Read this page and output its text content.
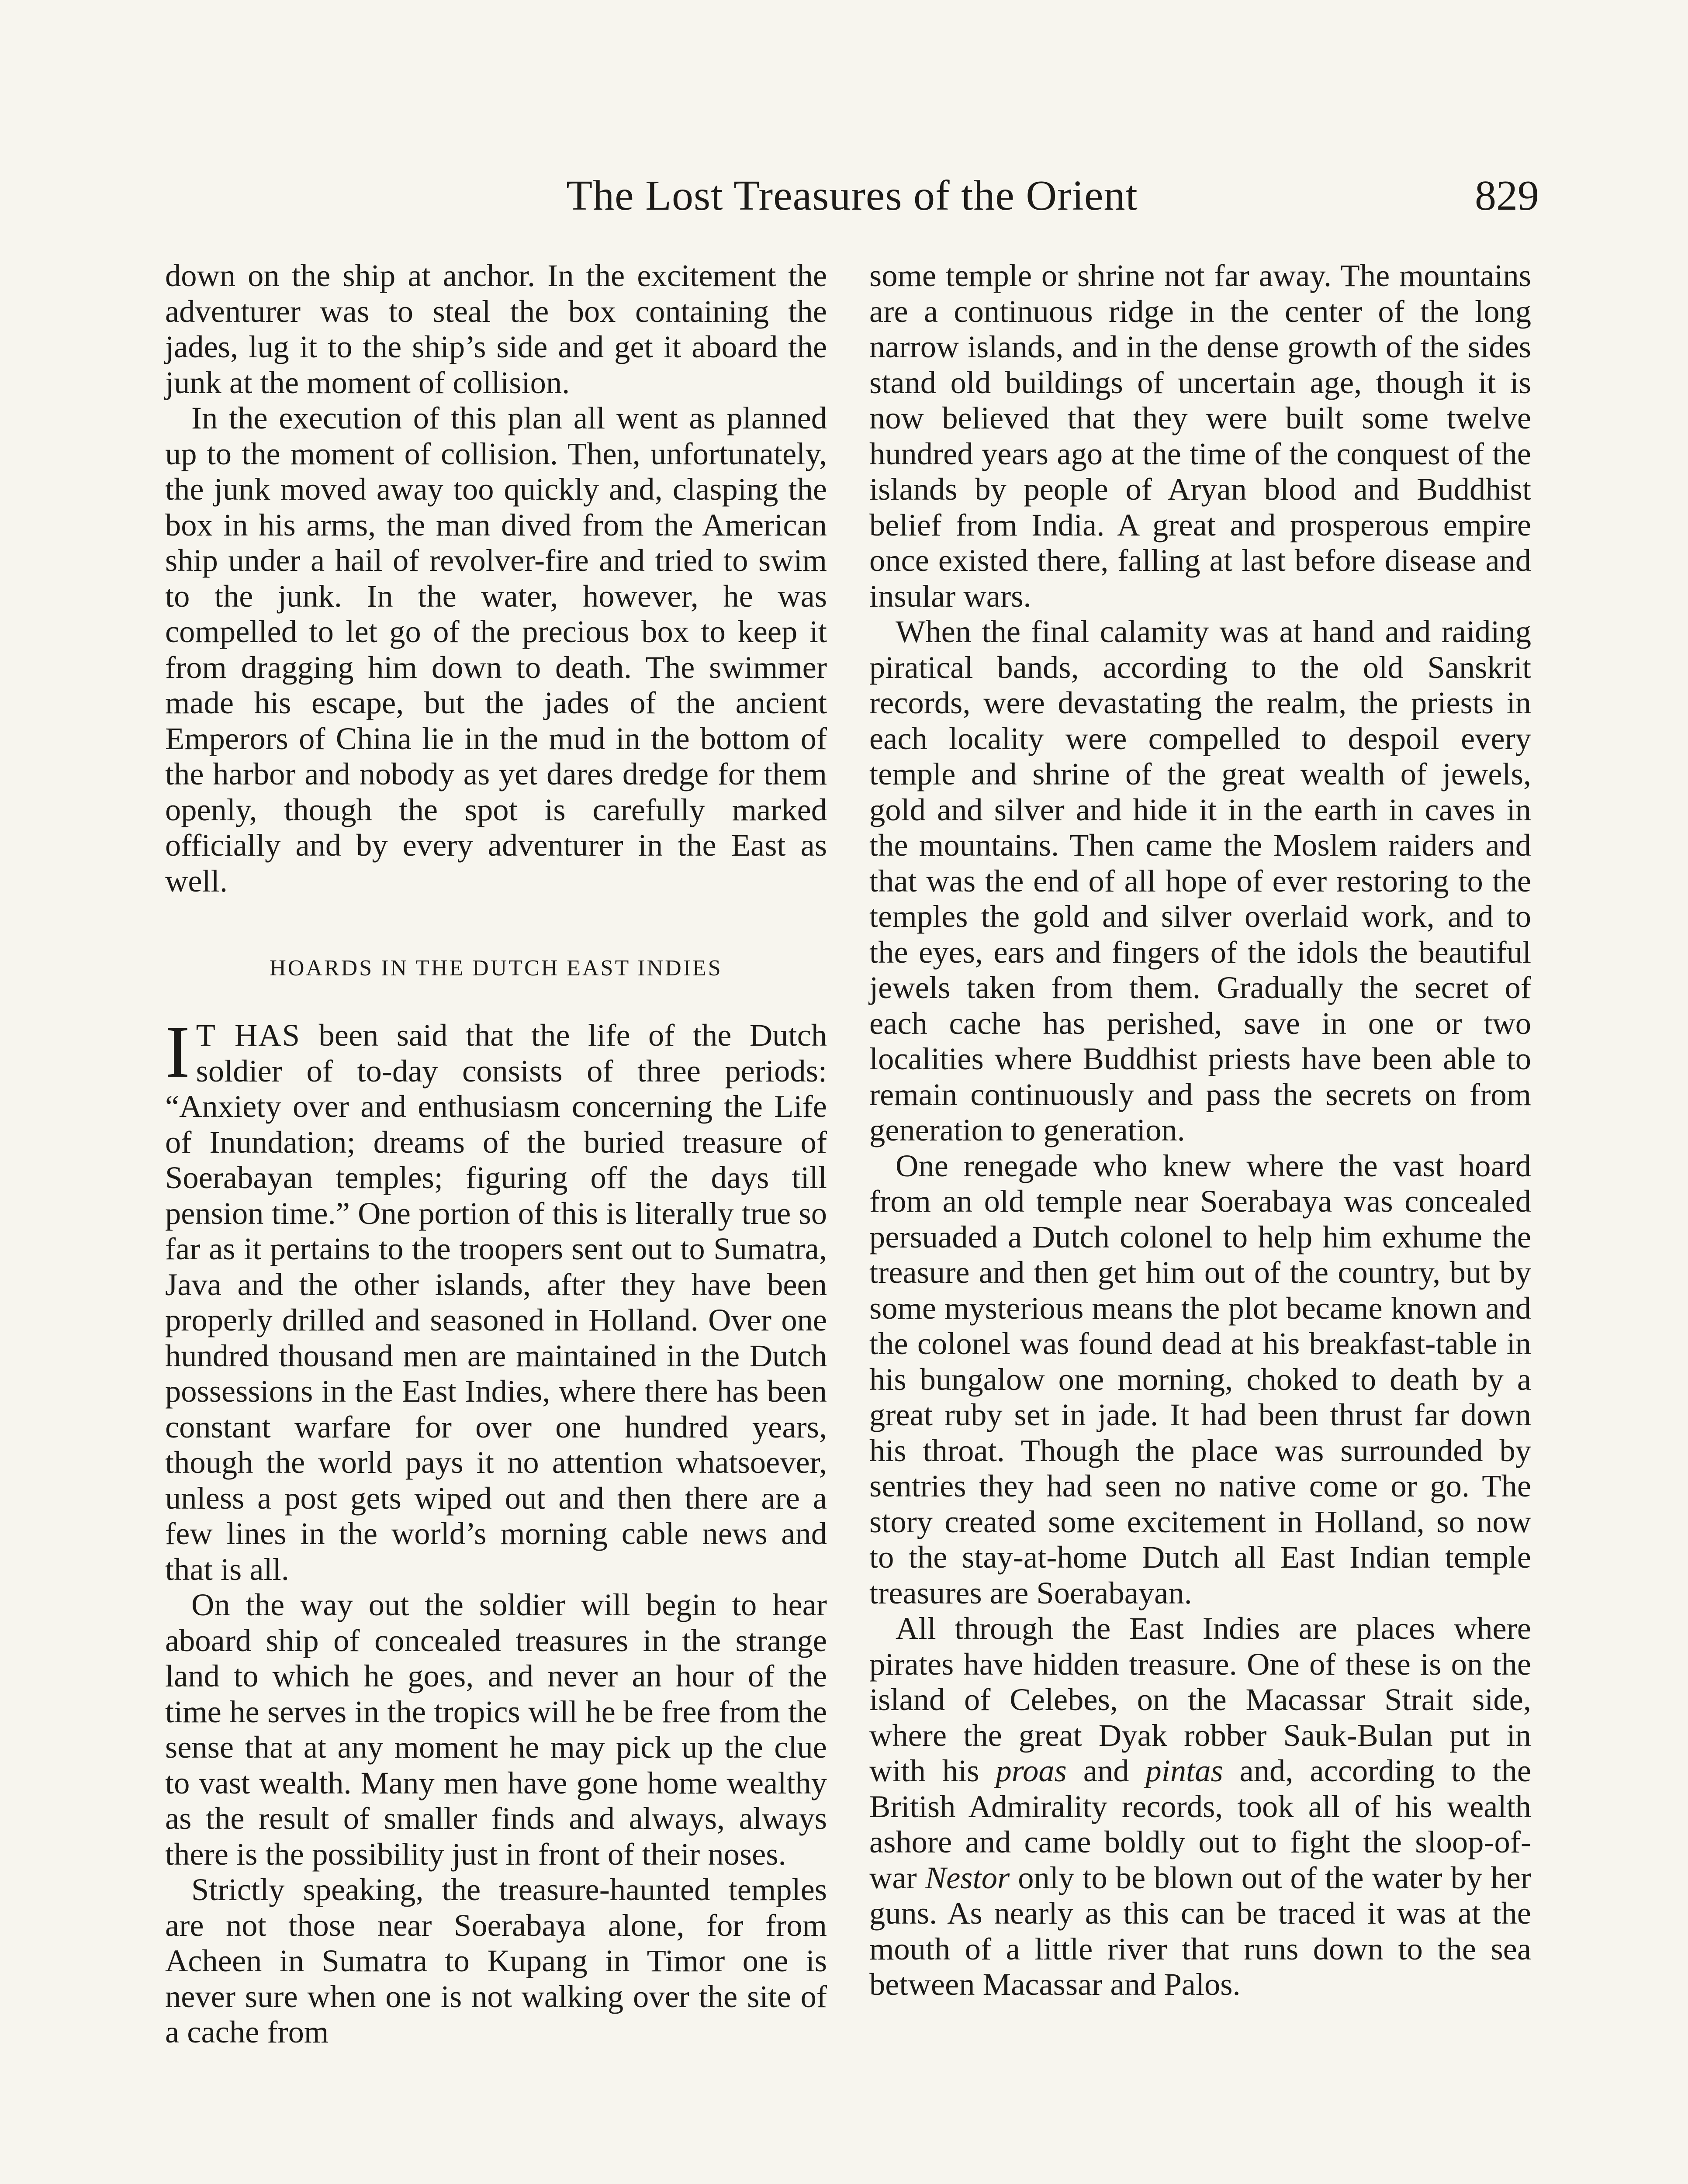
The Lost Treasures of the Orient	829

down on the ship at anchor. In the excitement the adventurer was to steal the box containing the jades, lug it to the ship’s side and get it aboard the junk at the moment of collision.

In the execution of this plan all went as planned up to the moment of collision. Then, unfortunately, the junk moved away too quickly and, clasping the box in his arms, the man dived from the American ship under a hail of revolver-fire and tried to swim to the junk. In the water, however, he was compelled to let go of the precious box to keep it from dragging him down to death. The swimmer made his escape, but the jades of the ancient Emperors of China lie in the mud in the bottom of the harbor and nobody as yet dares dredge for them openly, though the spot is carefully marked officially and by every adventurer in the East as well.

HOARDS IN THE DUTCH EAST INDIES

I T HAS been said that the life of the Dutch soldier of to-day consists of three periods: “Anxiety over and enthusiasm concerning the Life of Inundation; dreams of the buried treasure of Soerabayan temples; figuring off the days till pension time.” One portion of this is literally true so far as it pertains to the troopers sent out to Sumatra, Java and the other islands, after they have been properly drilled and seasoned in Holland. Over one hundred thousand men are maintained in the Dutch possessions in the East Indies, where there has been constant warfare for over one hundred years, though the world pays it no attention whatsoever, unless a post gets wiped out and then there are a few lines in the world’s morning cable news and that is all.

On the way out the soldier will begin to hear aboard ship of concealed treasures in the strange land to which he goes, and never an hour of the time he serves in the tropics will he be free from the sense that at any moment he may pick up the clue to vast wealth. Many men have gone home wealthy as the result of smaller finds and always, always there is the possibility just in front of their noses.

Strictly speaking, the treasure-haunted temples are not those near Soerabaya alone, for from Acheen in Sumatra to Kupang in Timor one is never sure when one is not walking over the site of a cache from

some temple or shrine not far away. The mountains are a continuous ridge in the center of the long narrow islands, and in the dense growth of the sides stand old buildings of uncertain age, though it is now believed that they were built some twelve hundred years ago at the time of the conquest of the islands by people of Aryan blood and Buddhist belief from India. A great and prosperous empire once existed there, falling at last before disease and insular wars.

When the final calamity was at hand and raiding piratical bands, according to the old Sanskrit records, were devastating the realm, the priests in each locality were compelled to despoil every temple and shrine of the great wealth of jewels, gold and silver and hide it in the earth in caves in the mountains. Then came the Moslem raiders and that was the end of all hope of ever restoring to the temples the gold and silver overlaid work, and to the eyes, ears and fingers of the idols the beautiful jewels taken from them. Gradually the secret of each cache has perished, save in one or two localities where Buddhist priests have been able to remain continuously and pass the secrets on from generation to generation.

One renegade who knew where the vast hoard from an old temple near Soerabaya was concealed persuaded a Dutch colonel to help him exhume the treasure and then get him out of the country, but by some mysterious means the plot became known and the colonel was found dead at his breakfast-table in his bungalow one morning, choked to death by a great ruby set in jade. It had been thrust far down his throat. Though the place was surrounded by sentries they had seen no native come or go. The story created some excitement in Holland, so now to the stay-at-home Dutch all East Indian temple treasures are Soerabayan.

All through the East Indies are places where pirates have hidden treasure. One of these is on the island of Celebes, on the Macassar Strait side, where the great Dyak robber Sauk-Bulan put in with his proas and pintas and, according to the British Admirality records, took all of his wealth ashore and came boldly out to fight the sloop-of-war Nestor only to be blown out of the water by her guns. As nearly as this can be traced it was at the mouth of a little river that runs down to the sea between Macassar and Palos.
